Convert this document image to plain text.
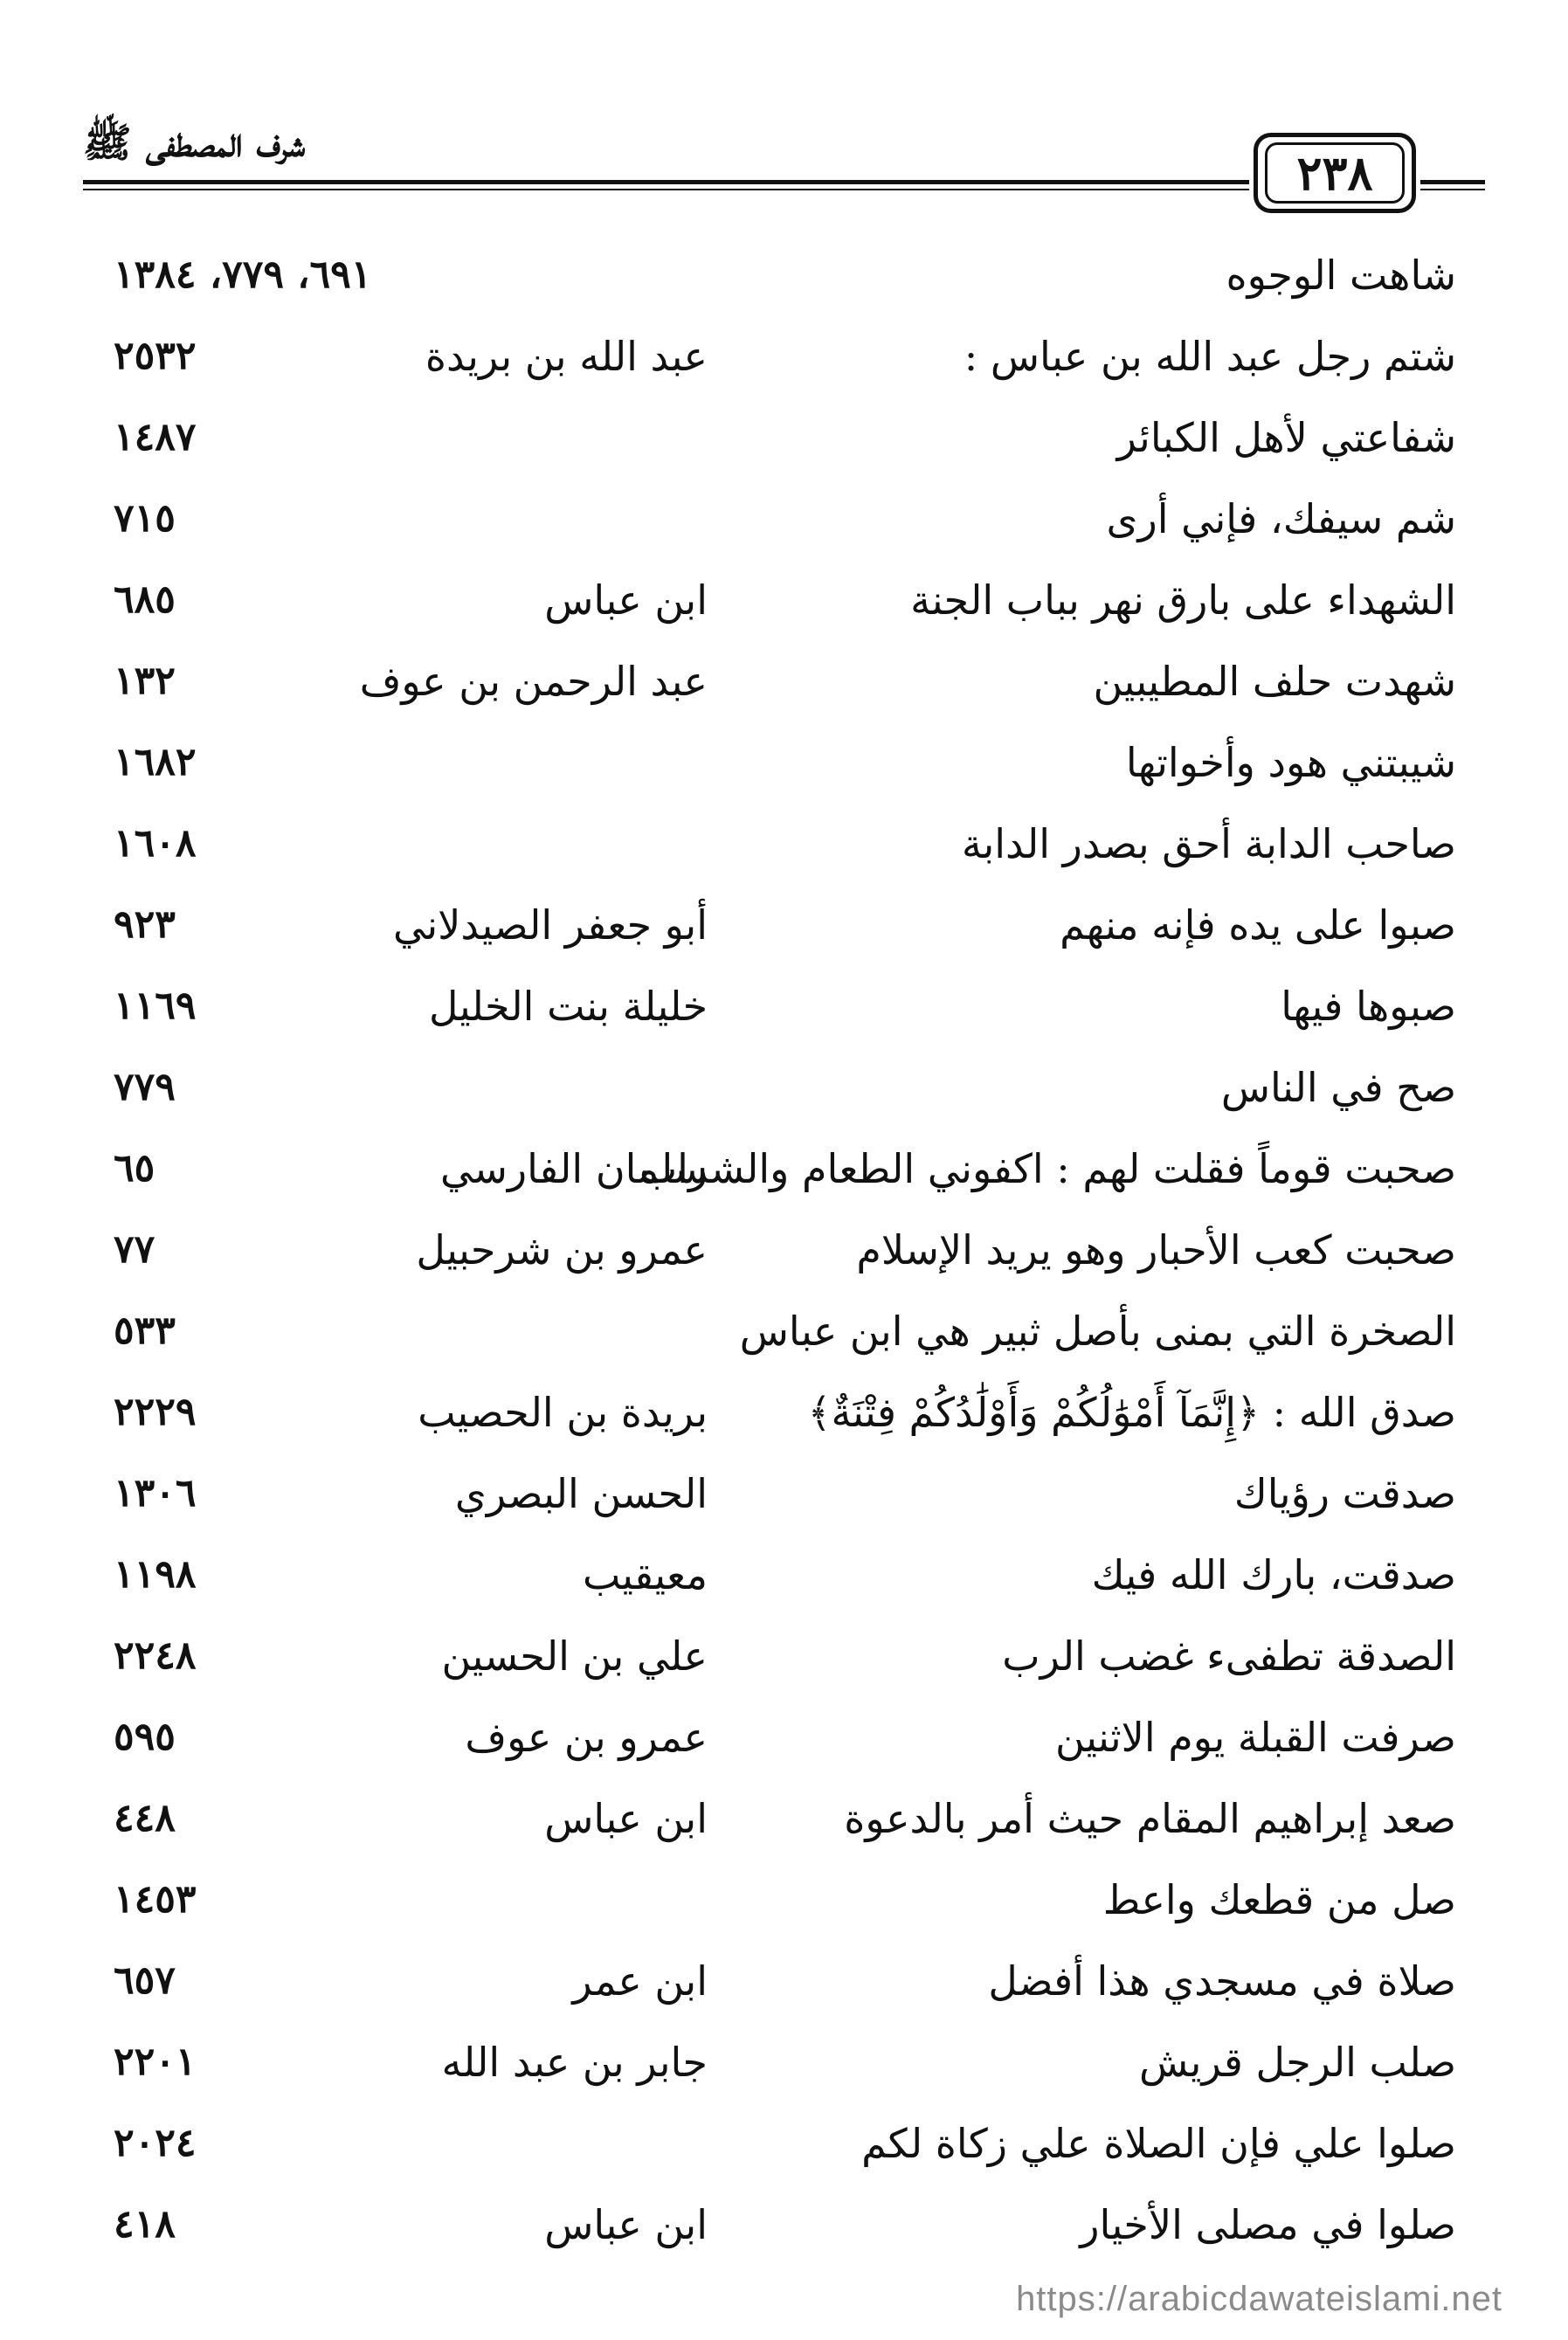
شرف المصطفى ﷺ
٢٣٨
شاهت الوجوه
٦٩١، ٧٧٩، ١٣٨٤
شتم رجل عبد الله بن عباس :
عبد الله بن بريدة
٢٥٣٢
شفاعتي لأهل الكبائر
١٤٨٧
شم سيفك، فإني أرى
٧١٥
الشهداء على بارق نهر بباب الجنة
ابن عباس
٦٨٥
شهدت حلف المطيبين
عبد الرحمن بن عوف
١٣٢
شيبتني هود وأخواتها
١٦٨٢
صاحب الدابة أحق بصدر الدابة
١٦٠٨
صبوا على يده فإنه منهم
أبو جعفر الصيدلاني
٩٢٣
صبوها فيها
خليلة بنت الخليل
١١٦٩
صح في الناس
٧٧٩
صحبت قوماً فقلت لهم : اكفوني الطعام والشراب
سلمان الفارسي
٦٥
صحبت كعب الأحبار وهو يريد الإسلام
عمرو بن شرحبيل
٧٧
الصخرة التي بمنى بأصل ثبير هي ابن عباس
٥٣٣
صدق الله : ﴿إِنَّمَآ أَمْوَٰلُكُمْ وَأَوْلَٰدُكُمْ فِتْنَةٌ﴾
بريدة بن الحصيب
٢٢٢٩
صدقت رؤياك
الحسن البصري
١٣٠٦
صدقت، بارك الله فيك
معيقيب
١١٩٨
الصدقة تطفىء غضب الرب
علي بن الحسين
٢٢٤٨
صرفت القبلة يوم الاثنين
عمرو بن عوف
٥٩٥
صعد إبراهيم المقام حيث أمر بالدعوة
ابن عباس
٤٤٨
صل من قطعك واعط
١٤٥٣
صلاة في مسجدي هذا أفضل
ابن عمر
٦٥٧
صلب الرجل قريش
جابر بن عبد الله
٢٢٠١
صلوا علي فإن الصلاة علي زكاة لكم
٢٠٢٤
صلوا في مصلى الأخيار
ابن عباس
٤١٨
https://arabicdawateislami.net
